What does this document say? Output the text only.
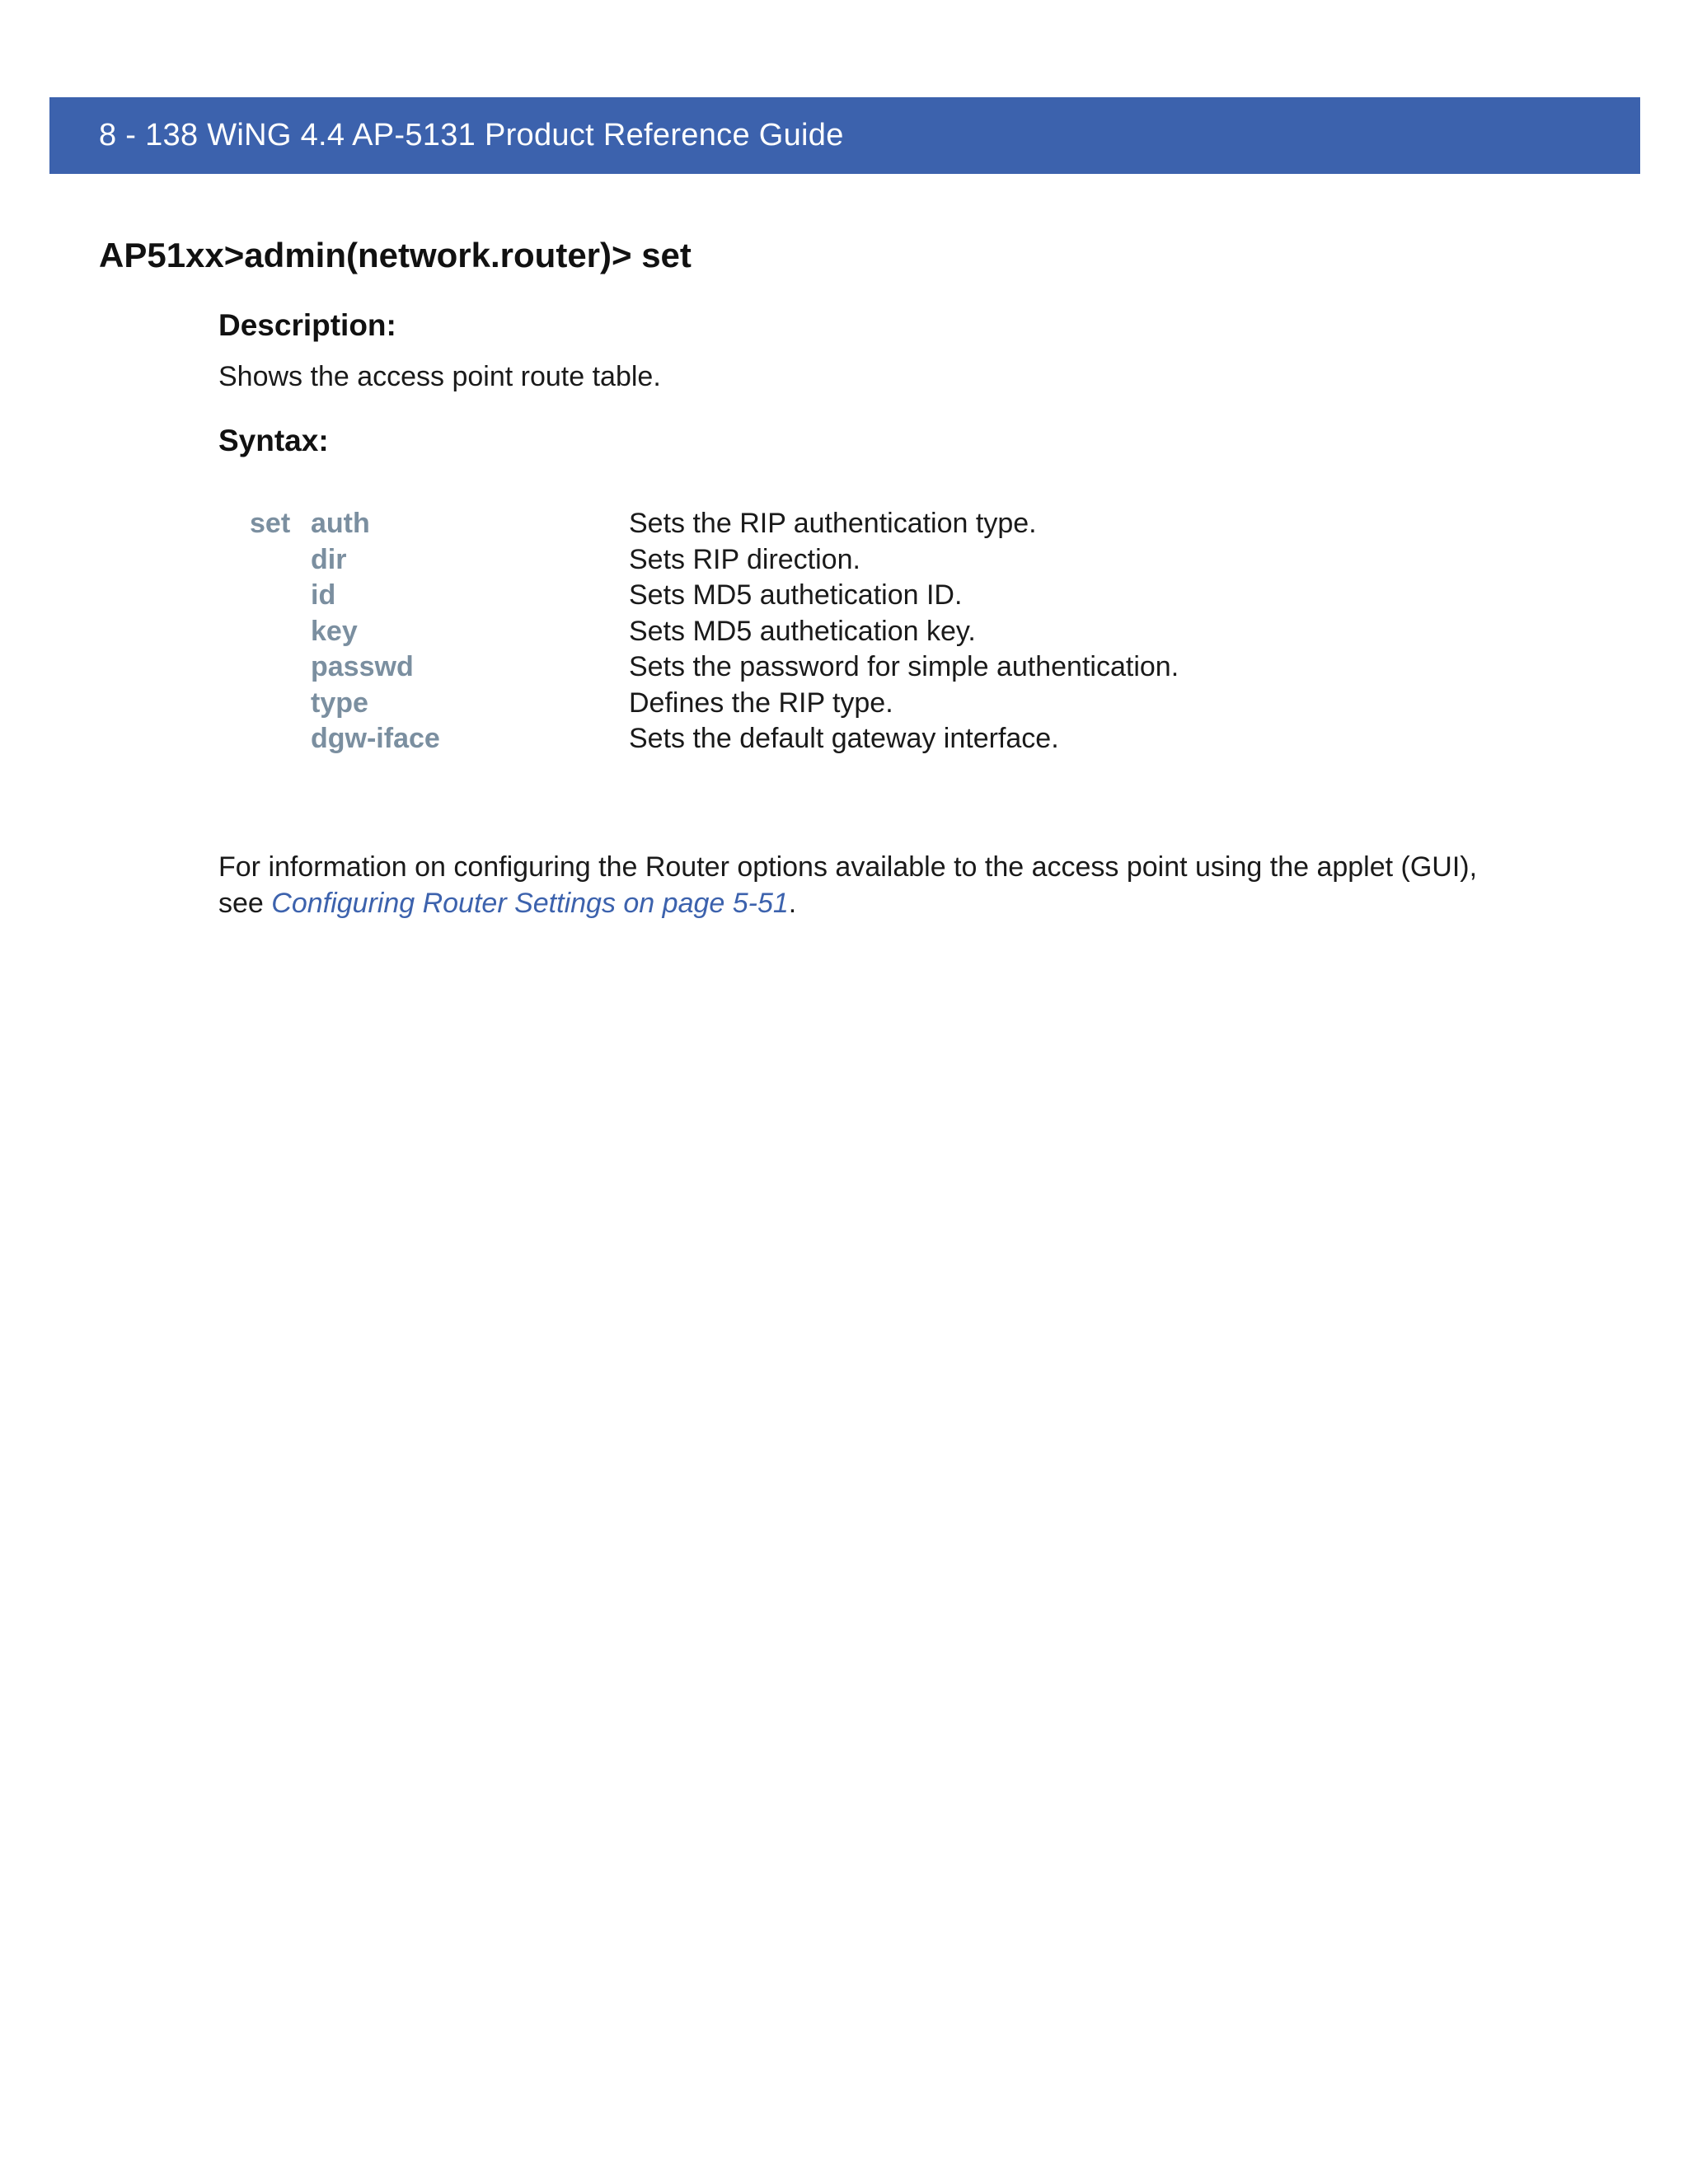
8 - 138 WiNG 4.4 AP-5131 Product Reference Guide
AP51xx>admin(network.router)> set
Description:
Shows the access point route table.
Syntax:
set	auth	Sets the RIP authentication type.
	dir	Sets RIP direction.
	id	Sets MD5 authetication ID.
	key	Sets MD5 authetication key.
	passwd	Sets the password for simple authentication.
	type	Defines the RIP type.
	dgw-iface	Sets the default gateway interface.

For information on configuring the Router options available to the access point using the applet (GUI), see Configuring Router Settings on page 5-51.
